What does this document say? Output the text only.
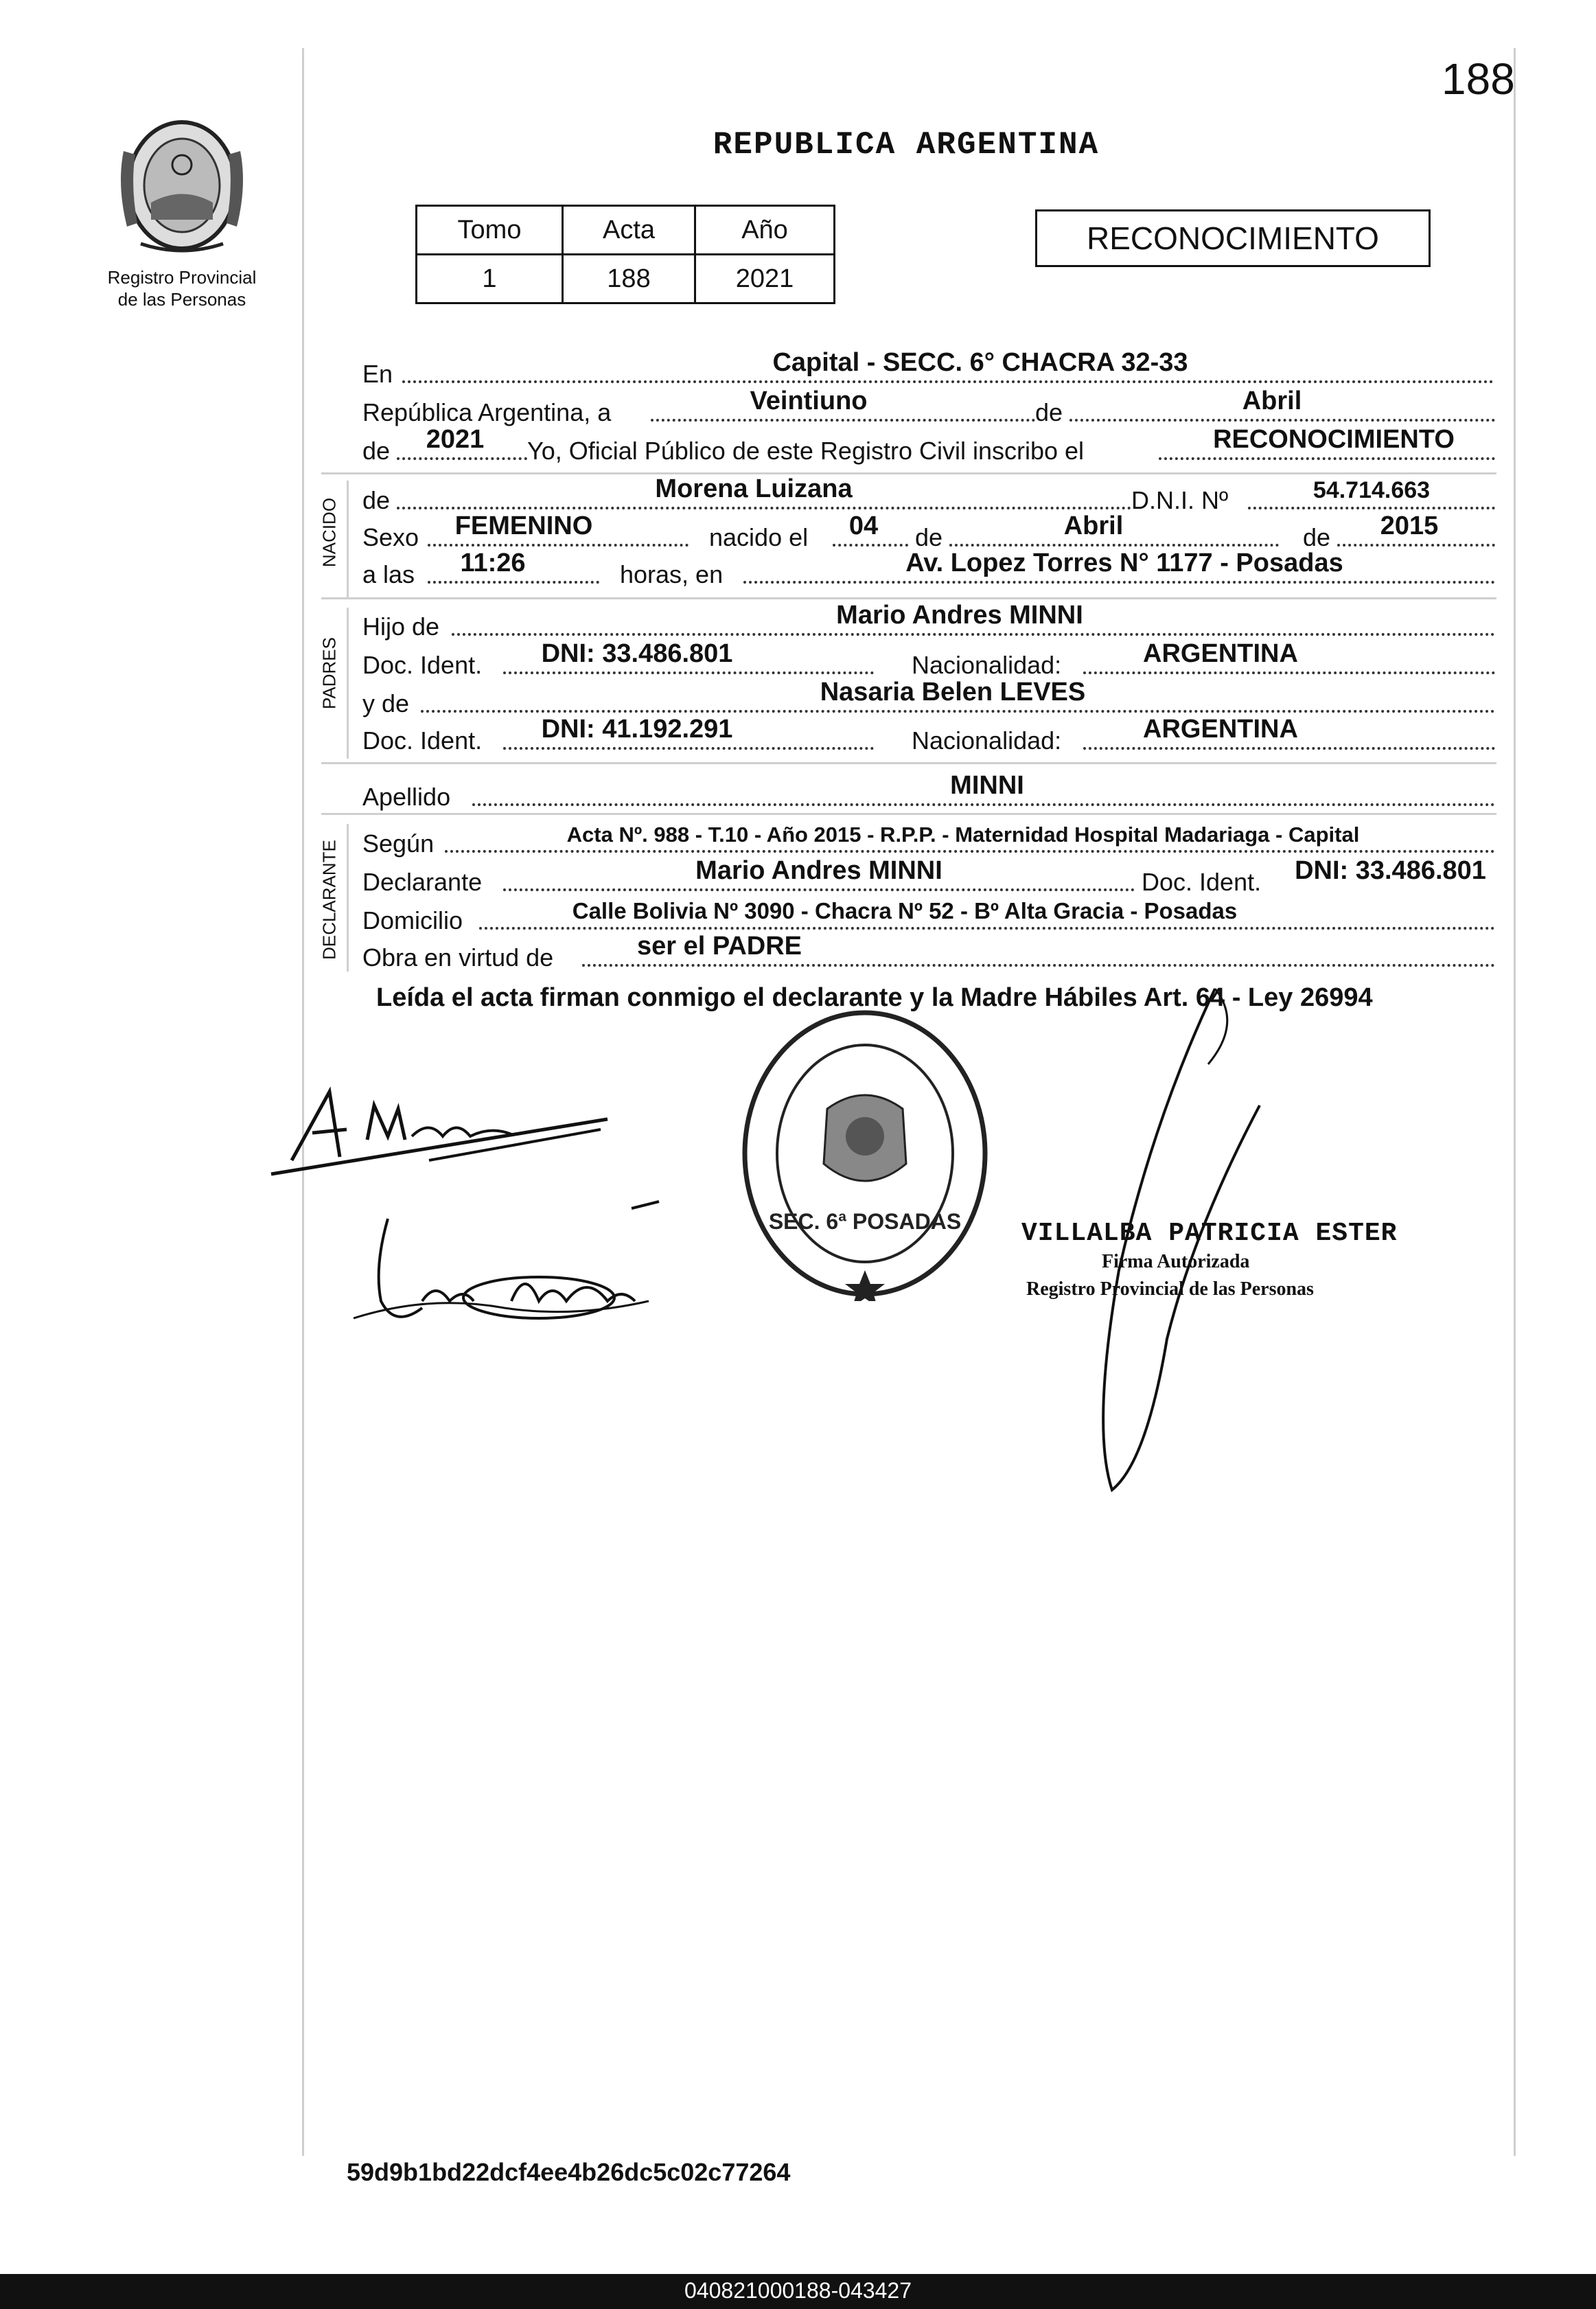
188
Registro Provincial
de las Personas
REPUBLICA ARGENTINA
Tomo	Acta	Año
1	188	2021
RECONOCIMIENTO
En	Capital - SECC. 6° CHACRA 32-33
República Argentina, a	Veintiuno	de	Abril
de	2021	Yo, Oficial Público de este Registro Civil inscribo el	RECONOCIMIENTO
NACIDO de	Morena Luizana	D.N.I. Nº	54.714.663
Sexo	FEMENINO	nacido el	04	de	Abril	de	2015
a las	11:26	horas, en	Av. Lopez Torres N° 1177 - Posadas
PADRES
Hijo de	Mario Andres MINNI
Doc. Ident.	DNI: 33.486.801	Nacionalidad:	ARGENTINA
y de	Nasaria Belen LEVES
Doc. Ident.	DNI: 41.192.291	Nacionalidad:	ARGENTINA
Apellido	MINNI
DECLARANTE Según	Acta Nº. 988 - T.10 - Año 2015 - R.P.P. - Maternidad Hospital Madariaga - Capital
Declarante	Mario Andres MINNI	Doc. Ident.	DNI: 33.486.801
Domicilio	Calle Bolivia Nº 3090 - Chacra Nº 52 - Bº Alta Gracia - Posadas
Obra en virtud de	ser el PADRE
Leída el acta firman conmigo el declarante y la Madre Hábiles Art. 64 - Ley 26994
SEC. 6ª POSADAS VILLALBA PATRICIA ESTER
Firma Autorizada
Registro Provincial de las Personas
59d9b1bd22dcf4ee4b26dc5c02c77264
040821000188-043427
